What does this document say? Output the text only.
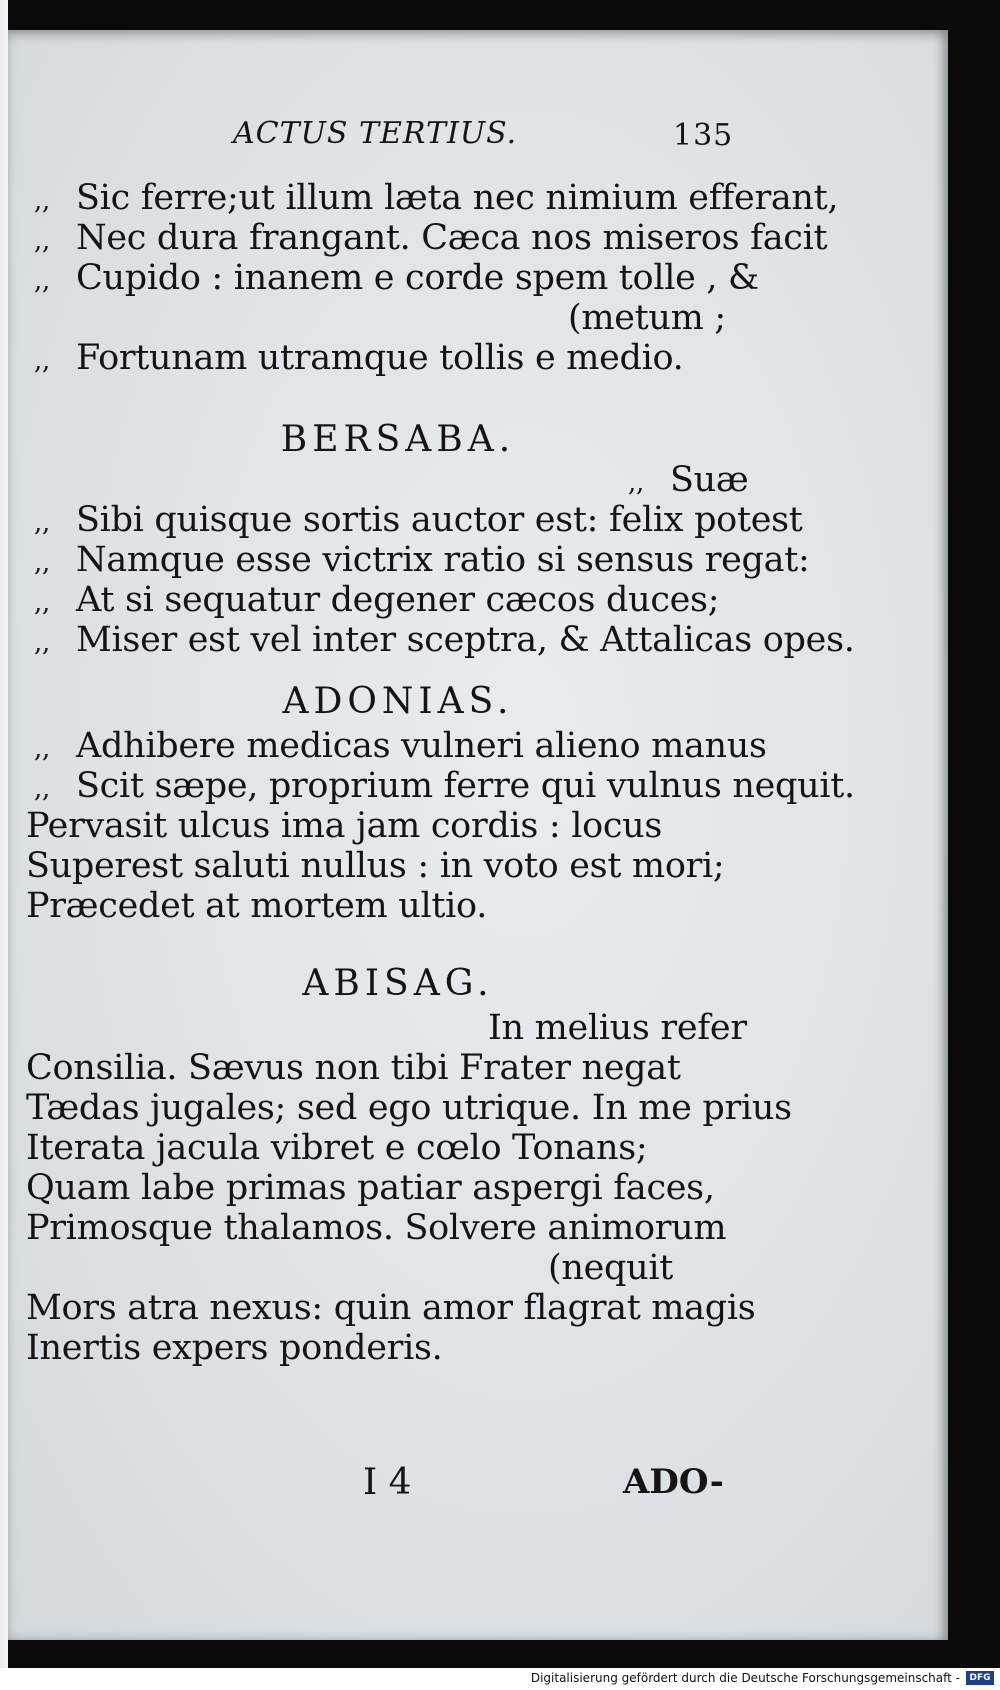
ACTUS TERTIUS.	135
,, Sic ferre;ut illum læta nec nimium efferant,
,, Nec dura frangant. Cæca nos miseros facit
,, Cupido : inanem e corde spem tolle , &
(metum ;
,, Fortunam utramque tollis e medio.
BERSABA.
,, Suæ
,, Sibi quisque sortis auctor est: felix potest
,, Namque esse victrix ratio si sensus regat:
,, At si sequatur degener cæcos duces;
,, Miser est vel inter sceptra, & Attalicas opes.
ADONIAS.
,, Adhibere medicas vulneri alieno manus
,, Scit sæpe, proprium ferre qui vulnus nequit.
Pervasit ulcus ima jam cordis : locus
Superest saluti nullus : in voto est mori;
Præcedet at mortem ultio.
ABISAG.
In melius refer
Consilia. Sævus non tibi Frater negat
Tædas jugales; sed ego utrique. In me prius
Iterata jacula vibret e cœlo Tonans;
Quam labe primas patiar aspergi faces,
Primosque thalamos. Solvere animorum
(nequit
Mors atra nexus: quin amor flagrat magis
Inertis expers ponderis.
I 4	ADO-
Digitalisierung gefördert durch die Deutsche Forschungsgemeinschaft -	DFG
